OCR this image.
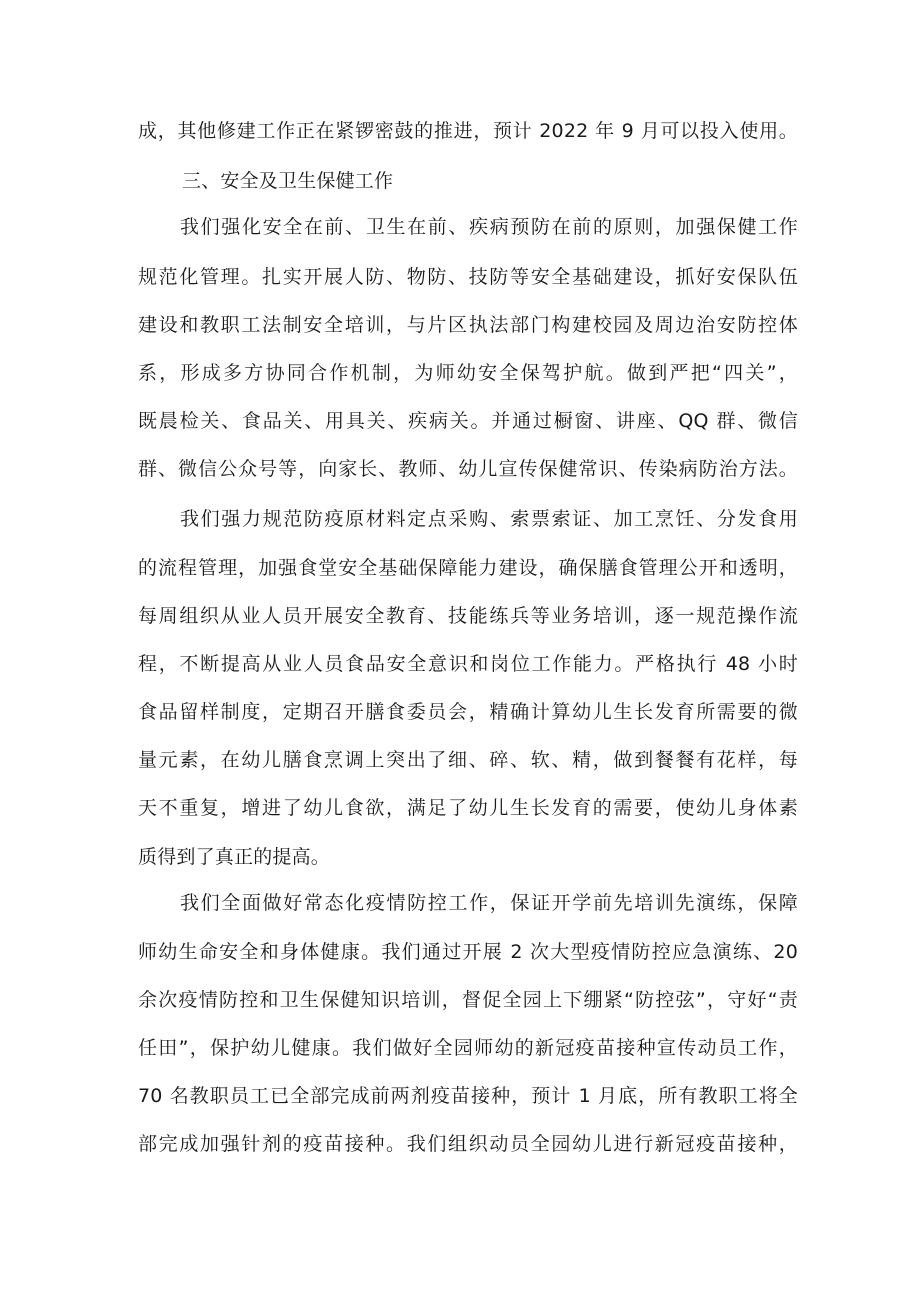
成，其他修建工作正在紧锣密鼓的推进，预计 2022 年 9 月可以投入使用。
三、安全及卫生保健工作
我们强化安全在前、卫生在前、疾病预防在前的原则，加强保健工作
规范化管理。扎实开展人防、物防、技防等安全基础建设，抓好安保队伍
建设和教职工法制安全培训，与片区执法部门构建校园及周边治安防控体
系，形成多方协同合作机制，为师幼安全保驾护航。做到严把“四关”，
既晨检关、食品关、用具关、疾病关。并通过橱窗、讲座、QQ 群、微信
群、微信公众号等，向家长、教师、幼儿宣传保健常识、传染病防治方法。
我们强力规范防疫原材料定点采购、索票索证、加工烹饪、分发食用
的流程管理，加强食堂安全基础保障能力建设，确保膳食管理公开和透明，
每周组织从业人员开展安全教育、技能练兵等业务培训，逐一规范操作流
程，不断提高从业人员食品安全意识和岗位工作能力。严格执行 48 小时
食品留样制度，定期召开膳食委员会，精确计算幼儿生长发育所需要的微
量元素，在幼儿膳食烹调上突出了细、碎、软、精，做到餐餐有花样，每
天不重复，增进了幼儿食欲，满足了幼儿生长发育的需要，使幼儿身体素
质得到了真正的提高。
我们全面做好常态化疫情防控工作，保证开学前先培训先演练，保障
师幼生命安全和身体健康。我们通过开展 2 次大型疫情防控应急演练、20
余次疫情防控和卫生保健知识培训，督促全园上下绷紧“防控弦”，守好“责
任田”，保护幼儿健康。我们做好全园师幼的新冠疫苗接种宣传动员工作，
70 名教职员工已全部完成前两剂疫苗接种，预计 1 月底，所有教职工将全
部完成加强针剂的疫苗接种。我们组织动员全园幼儿进行新冠疫苗接种，
